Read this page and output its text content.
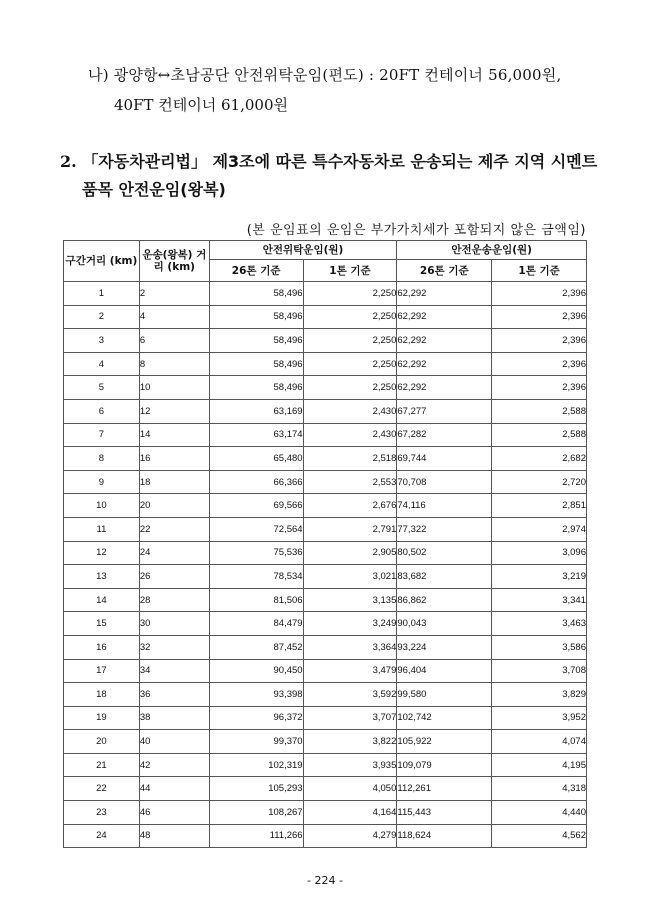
나) 광양항↔초남공단 안전위탁운임(편도) : 20FT 컨테이너 56,000원,
40FT 컨테이너 61,000원
2. 「자동차관리법」 제3조에 따른 특수자동차로 운송되는 제주 지역 시멘트
품목 안전운임(왕복)
(본 운임표의 운임은 부가가치세가 포함되지 않은 금액임)
구간거리 (km)	운송(왕복) 거리 (km)	안전위탁운임(원)		안전운송운임(원)	
		26톤 기준	1톤 기준	26톤 기준	1톤 기준
1	2	58,496	2,250	62,292	2,396
2	4	58,496	2,250	62,292	2,396
3	6	58,496	2,250	62,292	2,396
4	8	58,496	2,250	62,292	2,396
5	10	58,496	2,250	62,292	2,396
6	12	63,169	2,430	67,277	2,588
7	14	63,174	2,430	67,282	2,588
8	16	65,480	2,518	69,744	2,682
9	18	66,366	2,553	70,708	2,720
10	20	69,566	2,676	74,116	2,851
11	22	72,564	2,791	77,322	2,974
12	24	75,536	2,905	80,502	3,096
13	26	78,534	3,021	83,682	3,219
14	28	81,506	3,135	86,862	3,341
15	30	84,479	3,249	90,043	3,463
16	32	87,452	3,364	93,224	3,586
17	34	90,450	3,479	96,404	3,708
18	36	93,398	3,592	99,580	3,829
19	38	96,372	3,707	102,742	3,952
20	40	99,370	3,822	105,922	4,074
21	42	102,319	3,935	109,079	4,195
22	44	105,293	4,050	112,261	4,318
23	46	108,267	4,164	115,443	4,440
24	48	111,266	4,279	118,624	4,562
- 224 -
